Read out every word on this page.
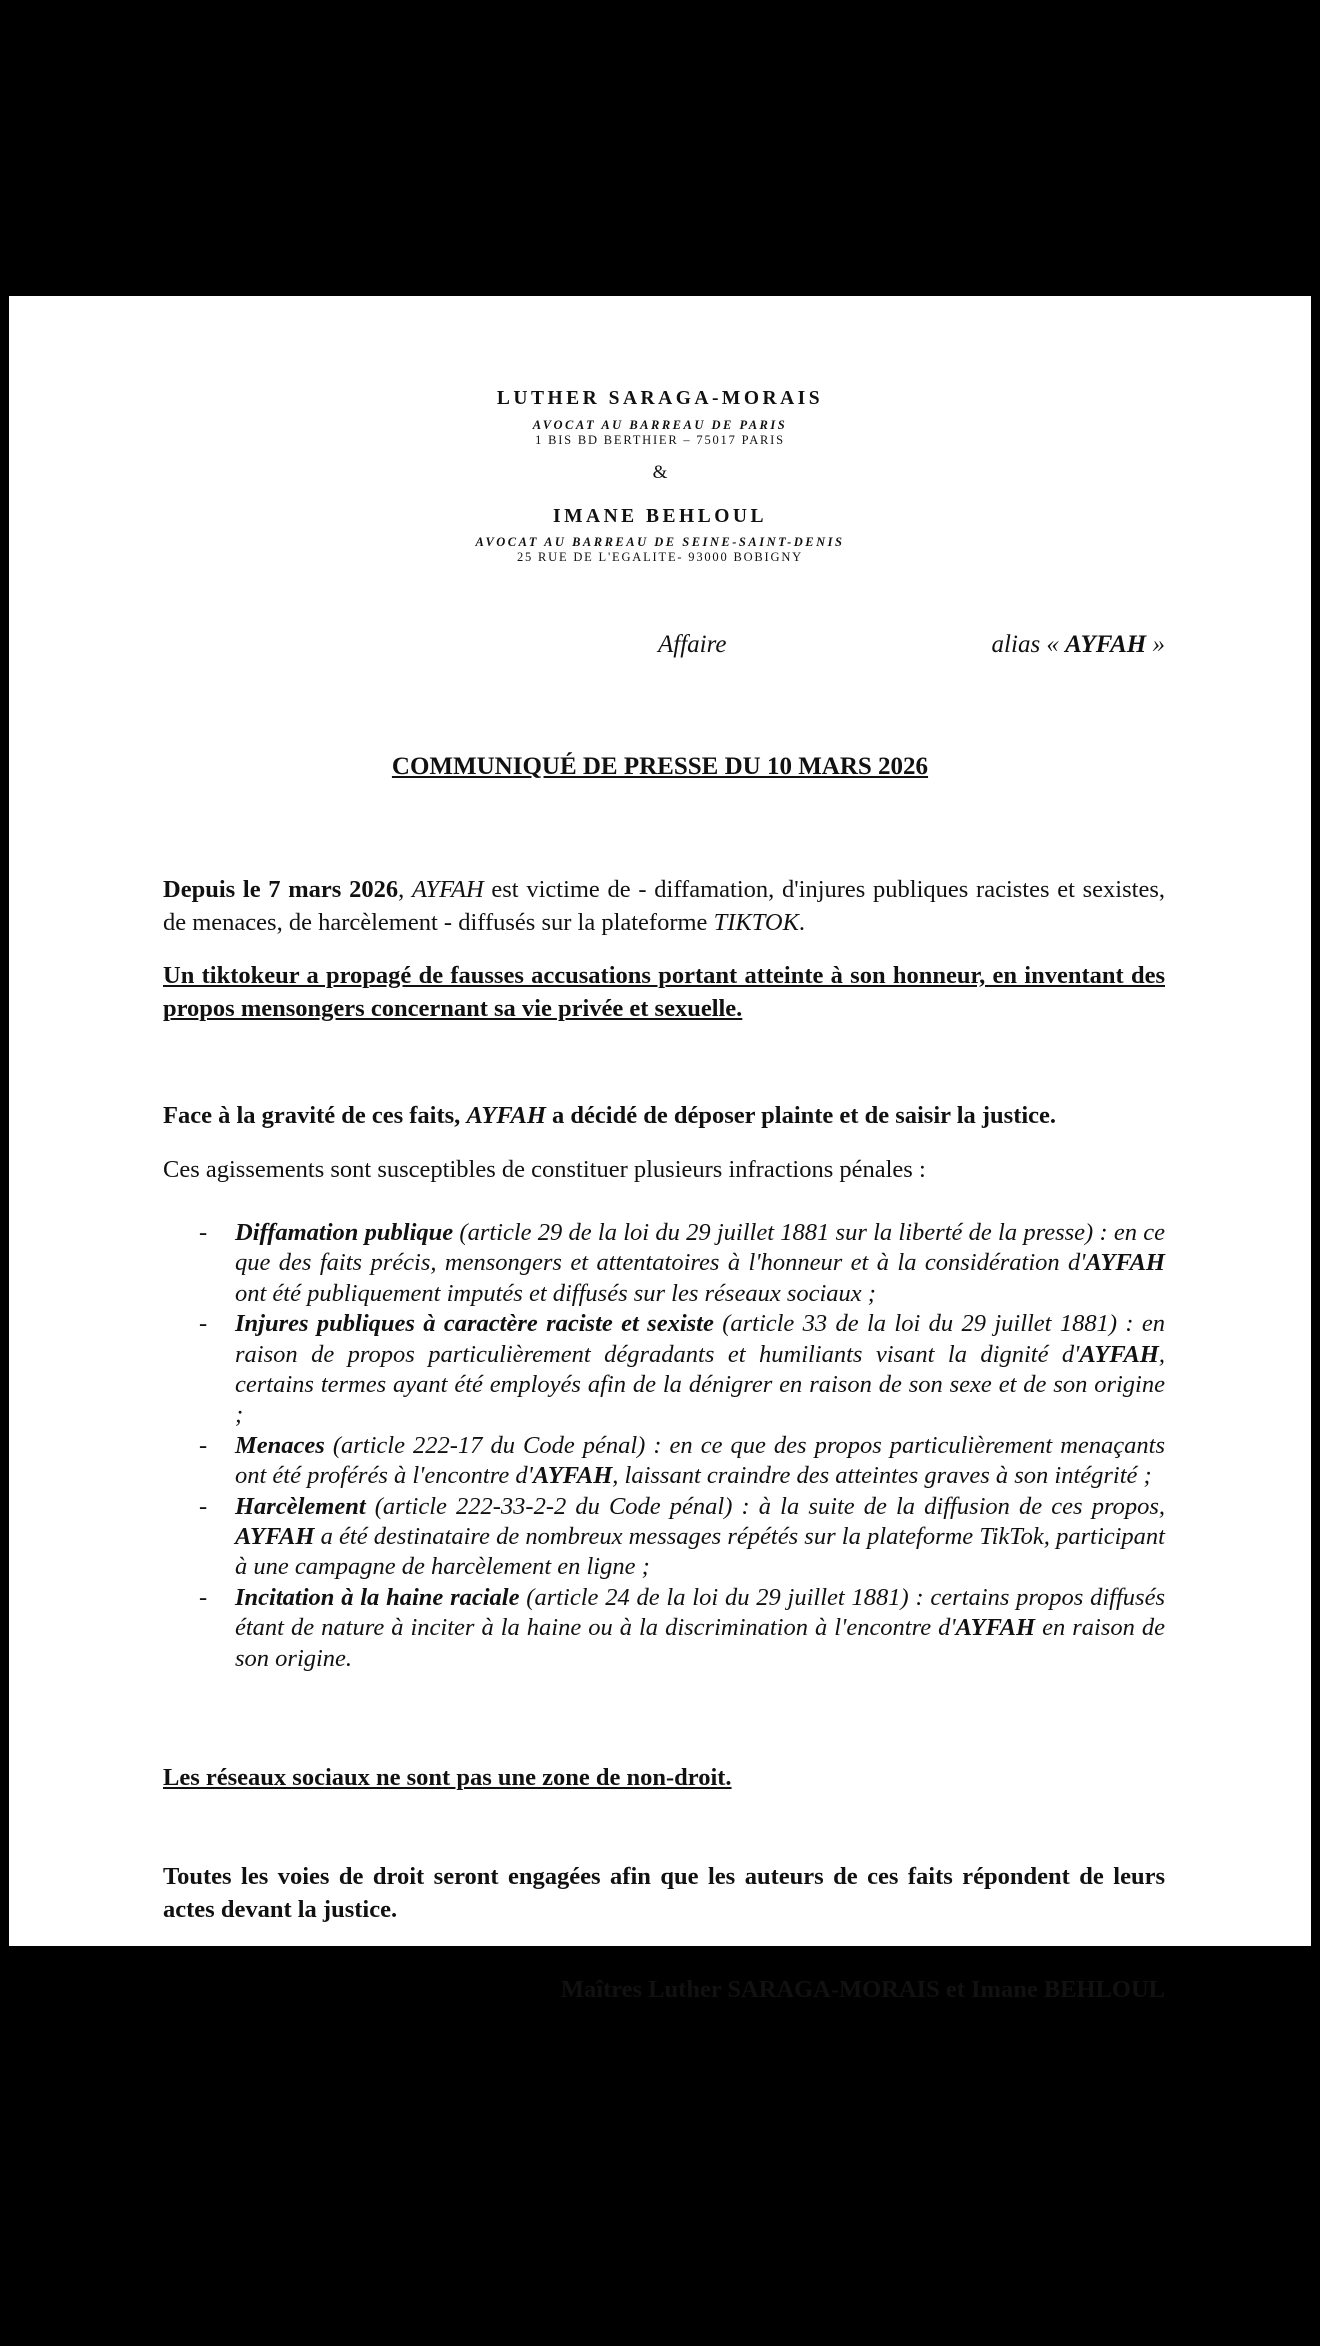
LUTHER SARAGA-MORAIS
AVOCAT AU BARREAU DE PARIS
1 BIS BD BERTHIER – 75017 PARIS
&
IMANE BEHLOUL
AVOCAT AU BARREAU DE SEINE-SAINT-DENIS
25 RUE DE L'EGALITE- 93000 BOBIGNY
Affaire	alias « AYFAH »
COMMUNIQUÉ DE PRESSE DU 10 MARS 2026
Depuis le 7 mars 2026, AYFAH est victime de - diffamation, d'injures publiques racistes et sexistes, de menaces, de harcèlement - diffusés sur la plateforme TIKTOK.
Un tiktokeur a propagé de fausses accusations portant atteinte à son honneur, en inventant des propos mensongers concernant sa vie privée et sexuelle.
Face à la gravité de ces faits, AYFAH a décidé de déposer plainte et de saisir la justice.
Ces agissements sont susceptibles de constituer plusieurs infractions pénales :
- Diffamation publique (article 29 de la loi du 29 juillet 1881 sur la liberté de la presse) : en ce que des faits précis, mensongers et attentatoires à l'honneur et à la considération d'AYFAH ont été publiquement imputés et diffusés sur les réseaux sociaux ;
- Injures publiques à caractère raciste et sexiste (article 33 de la loi du 29 juillet 1881) : en raison de propos particulièrement dégradants et humiliants visant la dignité d'AYFAH, certains termes ayant été employés afin de la dénigrer en raison de son sexe et de son origine ;
- Menaces (article 222-17 du Code pénal) : en ce que des propos particulièrement menaçants ont été proférés à l'encontre d'AYFAH, laissant craindre des atteintes graves à son intégrité ;
- Harcèlement (article 222-33-2-2 du Code pénal) : à la suite de la diffusion de ces propos, AYFAH a été destinataire de nombreux messages répétés sur la plateforme TikTok, participant à une campagne de harcèlement en ligne ;
- Incitation à la haine raciale (article 24 de la loi du 29 juillet 1881) : certains propos diffusés étant de nature à inciter à la haine ou à la discrimination à l'encontre d'AYFAH en raison de son origine.
Les réseaux sociaux ne sont pas une zone de non-droit.
Toutes les voies de droit seront engagées afin que les auteurs de ces faits répondent de leurs actes devant la justice.
Maîtres Luther SARAGA-MORAIS et Imane BEHLOUL
